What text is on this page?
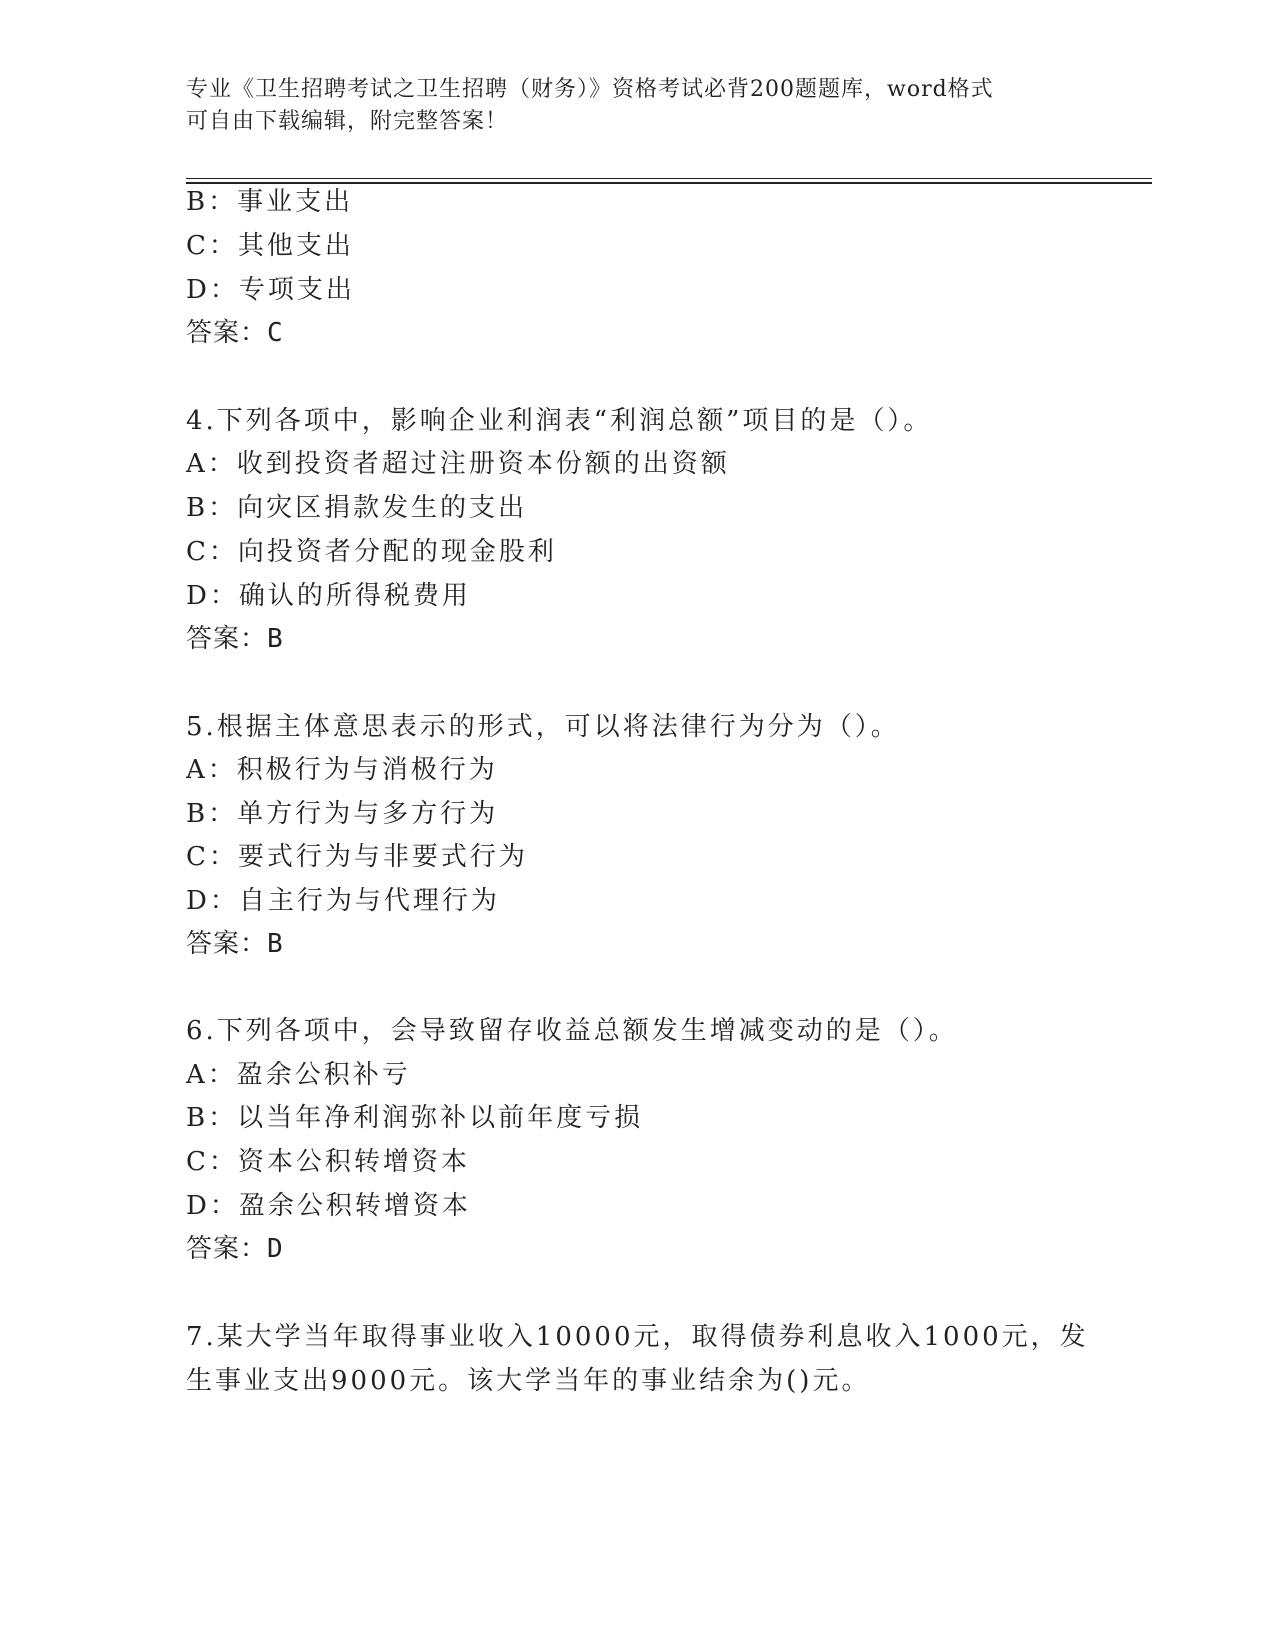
专业《卫生招聘考试之卫生招聘（财务）》资格考试必背200题题库，word格式
可自由下载编辑，附完整答案！
B：事业支出
C：其他支出
D：专项支出
答案：C
4.下列各项中，影响企业利润表“利润总额”项目的是（）。
A：收到投资者超过注册资本份额的出资额
B：向灾区捐款发生的支出
C：向投资者分配的现金股利
D：确认的所得税费用
答案：B
5.根据主体意思表示的形式，可以将法律行为分为（）。
A：积极行为与消极行为
B：单方行为与多方行为
C：要式行为与非要式行为
D：自主行为与代理行为
答案：B
6.下列各项中，会导致留存收益总额发生增减变动的是（）。
A：盈余公积补亏
B：以当年净利润弥补以前年度亏损
C：资本公积转增资本
D：盈余公积转增资本
答案：D
7.某大学当年取得事业收入10000元，取得债券利息收入1000元，发
生事业支出9000元。该大学当年的事业结余为()元。
